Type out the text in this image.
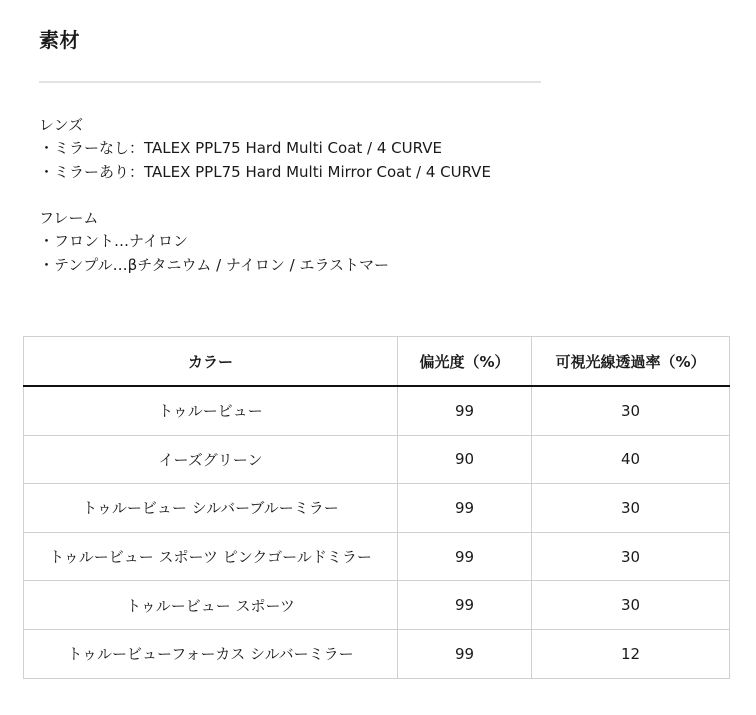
素材
レンズ
・ミラーなし：TALEX PPL75 Hard Multi Coat / 4 CURVE
・ミラーあり：TALEX PPL75 Hard Multi Mirror Coat / 4 CURVE
フレーム
・フロント…ナイロン
・テンプル…βチタニウム / ナイロン / エラストマー
カラー	偏光度（%）	可視光線透過率（%）
トゥルービュー	99	30
イーズグリーン	90	40
トゥルービュー シルバーブルーミラー	99	30
トゥルービュー スポーツ ピンクゴールドミラー	99	30
トゥルービュー スポーツ	99	30
トゥルービューフォーカス シルバーミラー	99	12
